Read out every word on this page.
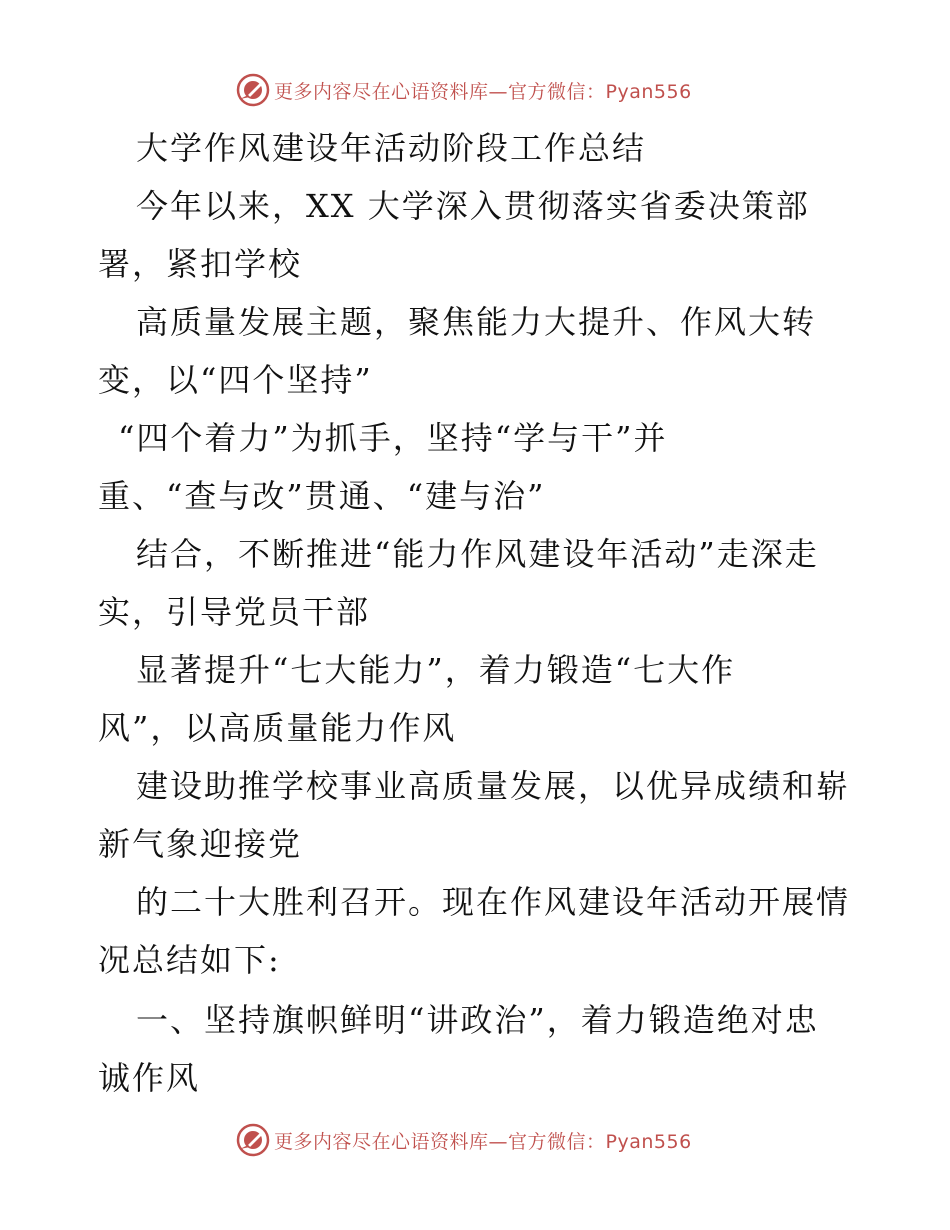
更多内容尽在心语资料库—官方微信：Pyan556
大学作风建设年活动阶段工作总结
今年以来，XX 大学深入贯彻落实省委决策部
署，紧扣学校
高质量发展主题，聚焦能力大提升、作风大转
变，以“四个坚持”
“四个着力”为抓手，坚持“学与干”并
重、“查与改”贯通、“建与治”
结合，不断推进“能力作风建设年活动”走深走
实，引导党员干部
显著提升“七大能力”，着力锻造“七大作
风”，以高质量能力作风
建设助推学校事业高质量发展，以优异成绩和崭
新气象迎接党
的二十大胜利召开。现在作风建设年活动开展情
况总结如下:
一、坚持旗帜鲜明“讲政治”，着力锻造绝对忠
诚作风
更多内容尽在心语资料库—官方微信：Pyan556
